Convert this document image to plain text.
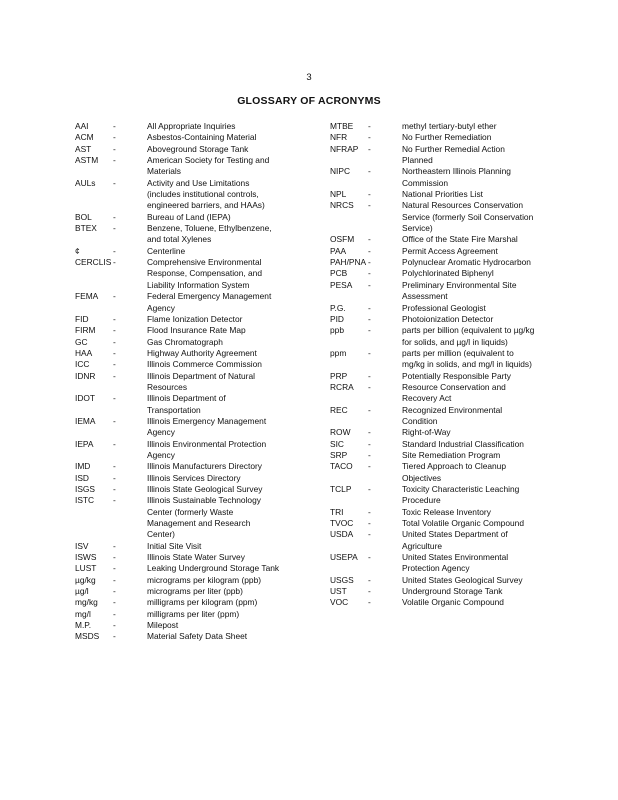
3
GLOSSARY OF ACRONYMS
AAI	-	All Appropriate Inquiries
ACM	-	Asbestos-Containing Material
AST	-	Aboveground Storage Tank
ASTM	-	American Society for Testing and
Materials
AULs	-	Activity and Use Limitations
(includes institutional controls,
engineered barriers, and HAAs)
BOL	-	Bureau of Land (IEPA)
BTEX	-	Benzene, Toluene, Ethylbenzene,
and total Xylenes
¢	-	Centerline
CERCLIS -	Comprehensive Environmental
Response, Compensation, and
Liability Information System
FEMA	-	Federal Emergency Management
Agency
FID	-	Flame Ionization Detector
FIRM	-	Flood Insurance Rate Map
GC	-	Gas Chromatograph
HAA	-	Highway Authority Agreement
ICC	-	Illinois Commerce Commission
IDNR	-	Illinois Department of Natural
Resources
IDOT	-	Illinois Department of
Transportation
IEMA	-	Illinois Emergency Management
Agency
IEPA	-	Illinois Environmental Protection
Agency
IMD	-	Illinois Manufacturers Directory
ISD	-	Illinois Services Directory
ISGS	-	Illinois State Geological Survey
ISTC	-	Illinois Sustainable Technology
Center (formerly Waste
Management and Research
Center)
ISV	-	Initial Site Visit
ISWS	-	Illinois State Water Survey
LUST	-	Leaking Underground Storage Tank
µg/kg	-	micrograms per kilogram (ppb)
µg/l	-	micrograms per liter (ppb)
mg/kg	-	milligrams per kilogram (ppm)
mg/l	-	milligrams per liter (ppm)
M.P.	-	Milepost
MSDS	-	Material Safety Data Sheet
MTBE	-	methyl tertiary-butyl ether
NFR	-	No Further Remediation
NFRAP	-	No Further Remedial Action
Planned
NIPC	-	Northeastern Illinois Planning
Commission
NPL	-	National Priorities List
NRCS	-	Natural Resources Conservation
Service (formerly Soil Conservation
Service)
OSFM	-	Office of the State Fire Marshal
PAA	-	Permit Access Agreement
PAH/PNA -	Polynuclear Aromatic Hydrocarbon
PCB	-	Polychlorinated Biphenyl
PESA	-	Preliminary Environmental Site
Assessment
P.G.	-	Professional Geologist
PID	-	Photoionization Detector
ppb	-	parts per billion (equivalent to µg/kg
for solids, and µg/l in liquids)
ppm	-	parts per million (equivalent to
mg/kg in solids, and mg/l in liquids)
PRP	-	Potentially Responsible Party
RCRA	-	Resource Conservation and
Recovery Act
REC	-	Recognized Environmental
Condition
ROW	-	Right-of-Way
SIC	-	Standard Industrial Classification
SRP	-	Site Remediation Program
TACO	-	Tiered Approach to Cleanup
Objectives
TCLP	-	Toxicity Characteristic Leaching
Procedure
TRI	-	Toxic Release Inventory
TVOC	-	Total Volatile Organic Compound
USDA	-	United States Department of
Agriculture
USEPA	-	United States Environmental
Protection Agency
USGS	-	United States Geological Survey
UST	-	Underground Storage Tank
VOC	-	Volatile Organic Compound
